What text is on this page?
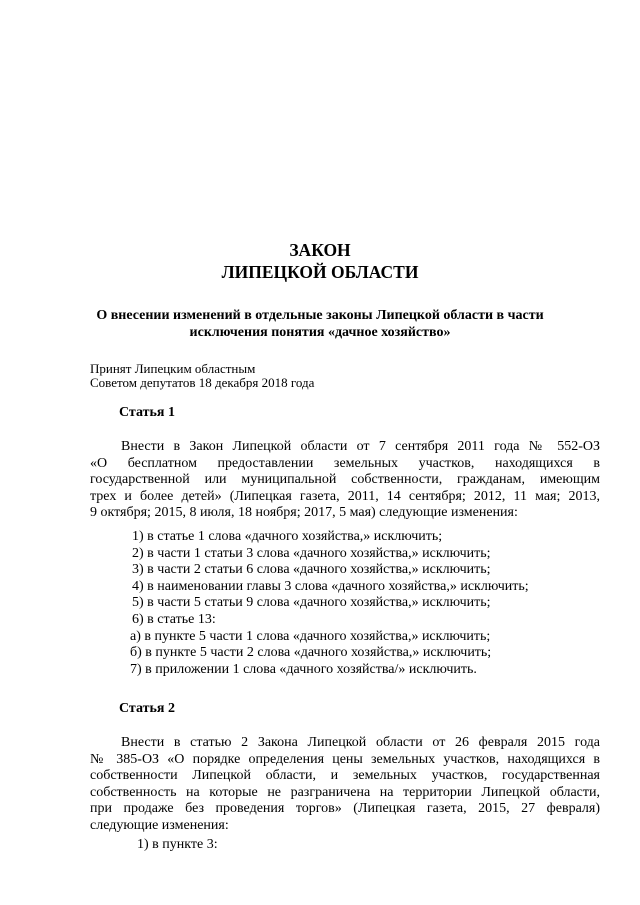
ЗАКОН
ЛИПЕЦКОЙ ОБЛАСТИ
О внесении изменений в отдельные законы Липецкой области в части
исключения понятия «дачное хозяйство»
Принят Липецким областным
Советом депутатов 18 декабря 2018 года
Статья 1
Внести в Закон Липецкой области от 7 сентября 2011 года № 552-ОЗ
«О бесплатном предоставлении земельных участков, находящихся в
государственной или муниципальной собственности, гражданам, имеющим
трех и более детей» (Липецкая газета, 2011, 14 сентября; 2012, 11 мая; 2013,
9 октября; 2015, 8 июля, 18 ноября; 2017, 5 мая) следующие изменения:
1) в статье 1 слова «дачного хозяйства,» исключить;
2) в части 1 статьи 3 слова «дачного хозяйства,» исключить;
3) в части 2 статьи 6 слова «дачного хозяйства,» исключить;
4) в наименовании главы 3 слова «дачного хозяйства,» исключить;
5) в части 5 статьи 9 слова «дачного хозяйства,» исключить;
6) в статье 13:
а) в пункте 5 части 1 слова «дачного хозяйства,» исключить;
б) в пункте 5 части 2 слова «дачного хозяйства,» исключить;
7) в приложении 1 слова «дачного хозяйства/» исключить.
Статья 2
Внести в статью 2 Закона Липецкой области от 26 февраля 2015 года
№ 385-ОЗ «О порядке определения цены земельных участков, находящихся в
собственности Липецкой области, и земельных участков, государственная
собственность на которые не разграничена на территории Липецкой области,
при продаже без проведения торгов» (Липецкая газета, 2015, 27 февраля)
следующие изменения:
1) в пункте 3:
